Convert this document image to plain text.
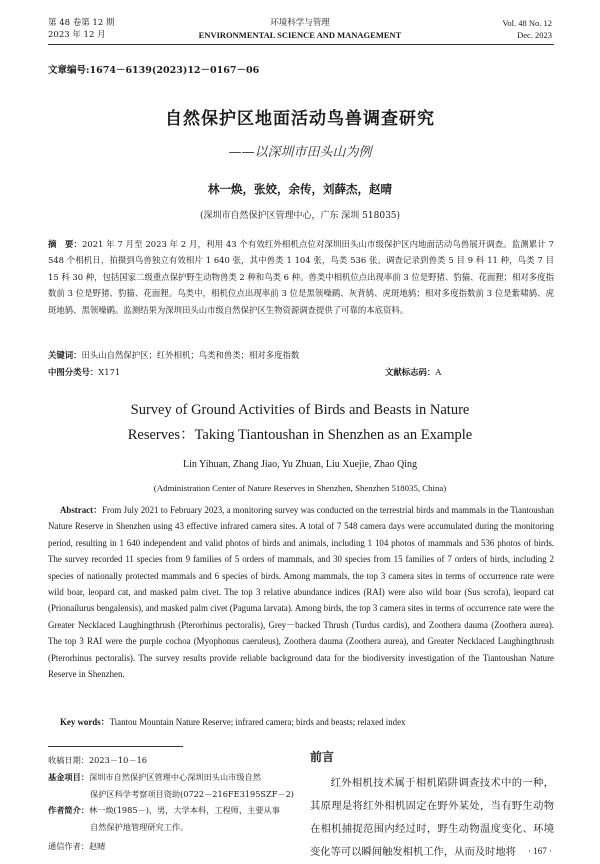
第 48 卷第 12 期
2023 年 12 月
环境科学与管理
ENVIRONMENTAL SCIENCE AND MANAGEMENT
Vol. 48 No. 12
Dec. 2023
文章编号:1674－6139(2023)12－0167－06
自然保护区地面活动鸟兽调查研究
——以深圳市田头山为例
林一焕，张姣，余传，刘薛杰，赵晴
(深圳市自然保护区管理中心，广东 深圳 518035)
摘　要：2021 年 7 月至 2023 年 2 月，利用 43 个有效红外相机点位对深圳田头山市级保护区内地面活动鸟兽展开调查。监测累计 7 548 个相机日，拍摄到鸟兽独立有效相片 1 640 张，其中兽类 1 104 张，鸟类 536 张。调查记录到兽类 5 目 9 科 11 种，鸟类 7 目 15 科 30 种，包括国家二级重点保护野生动物兽类 2 种和鸟类 6 种。兽类中相机位点出现率前 3 位是野猪、豹猫、花面狸；相对多度指数前 3 位是野猪、豹猫、花面狸。鸟类中，相机位点出现率前 3 位是黑领噪鹛、灰背鸫、虎斑地鸫；相对多度指数前 3 位是紫啸鸫、虎斑地鸫、黑领噪鹛。监测结果为深圳田头山市级自然保护区生物资源调查提供了可靠的本底资料。
关键词：田头山自然保护区；红外相机；鸟类和兽类；相对多度指数
中图分类号：X171	文献标志码：A
Survey of Ground Activities of Birds and Beasts in Nature
Reserves：Taking Tiantoushan in Shenzhen as an Example
Lin Yihuan, Zhang Jiao, Yu Zhuan, Liu Xuejie, Zhao Qing
(Administration Center of Nature Reserves in Shenzhen, Shenzhen 518035, China)
Abstract：From July 2021 to February 2023, a monitoring survey was conducted on the terrestrial birds and mammals in the Tiantoushan Nature Reserve in Shenzhen using 43 effective infrared camera sites. A total of 7 548 camera days were accumulated during the monitoring period, resulting in 1 640 independent and valid photos of birds and animals, including 1 104 photos of mammals and 536 photos of birds. The survey recorded 11 species from 9 families of 5 orders of mammals, and 30 species from 15 families of 7 orders of birds, including 2 species of nationally protected mammals and 6 species of birds. Among mammals, the top 3 camera sites in terms of occurrence rate were wild boar, leopard cat, and masked palm civet. The top 3 relative abundance indices (RAI) were also wild boar (Sus scrofa), leopard cat (Prionailurus bengalensis), and masked palm civet (Paguma larvata). Among birds, the top 3 camera sites in terms of occurrence rate were the Greater Necklaced Laughingthrush (Pterorhinus pectoralis), Grey－backed Thrush (Turdus cardis), and Zoothera dauma (Zoothera aurea). The top 3 RAI were the purple cochoa (Myophonus caeruleus), Zoothera dauma (Zoothera aurea), and Greater Necklaced Laughingthrush (Pterorhinus pectoralis). The survey results provide reliable background data for the biodiversity investigation of the Tiantoushan Nature Reserve in Shenzhen.
Key words：Tiantou Mountain Nature Reserve; infrared camera; birds and beasts; relaxed index
收稿日期：2023－10－16
基金项目：深圳市自然保护区管理中心深圳田头山市级自然
保护区科学考察项目资助(0722－216FE3195SZF－2)
作者简介：林一焕(1985－)，男，大学本科，工程师，主要从事
自然保护地管理研究工作。
通信作者：赵晴
前言
红外相机技术属于相机陷阱调查技术中的一种，其原理是将红外相机固定在野外某处，当有野生动物在相机捕捉范围内经过时，野生动物温度变化、环境变化等可以瞬间触发相机工作，从而及时地将	· 167 ·
